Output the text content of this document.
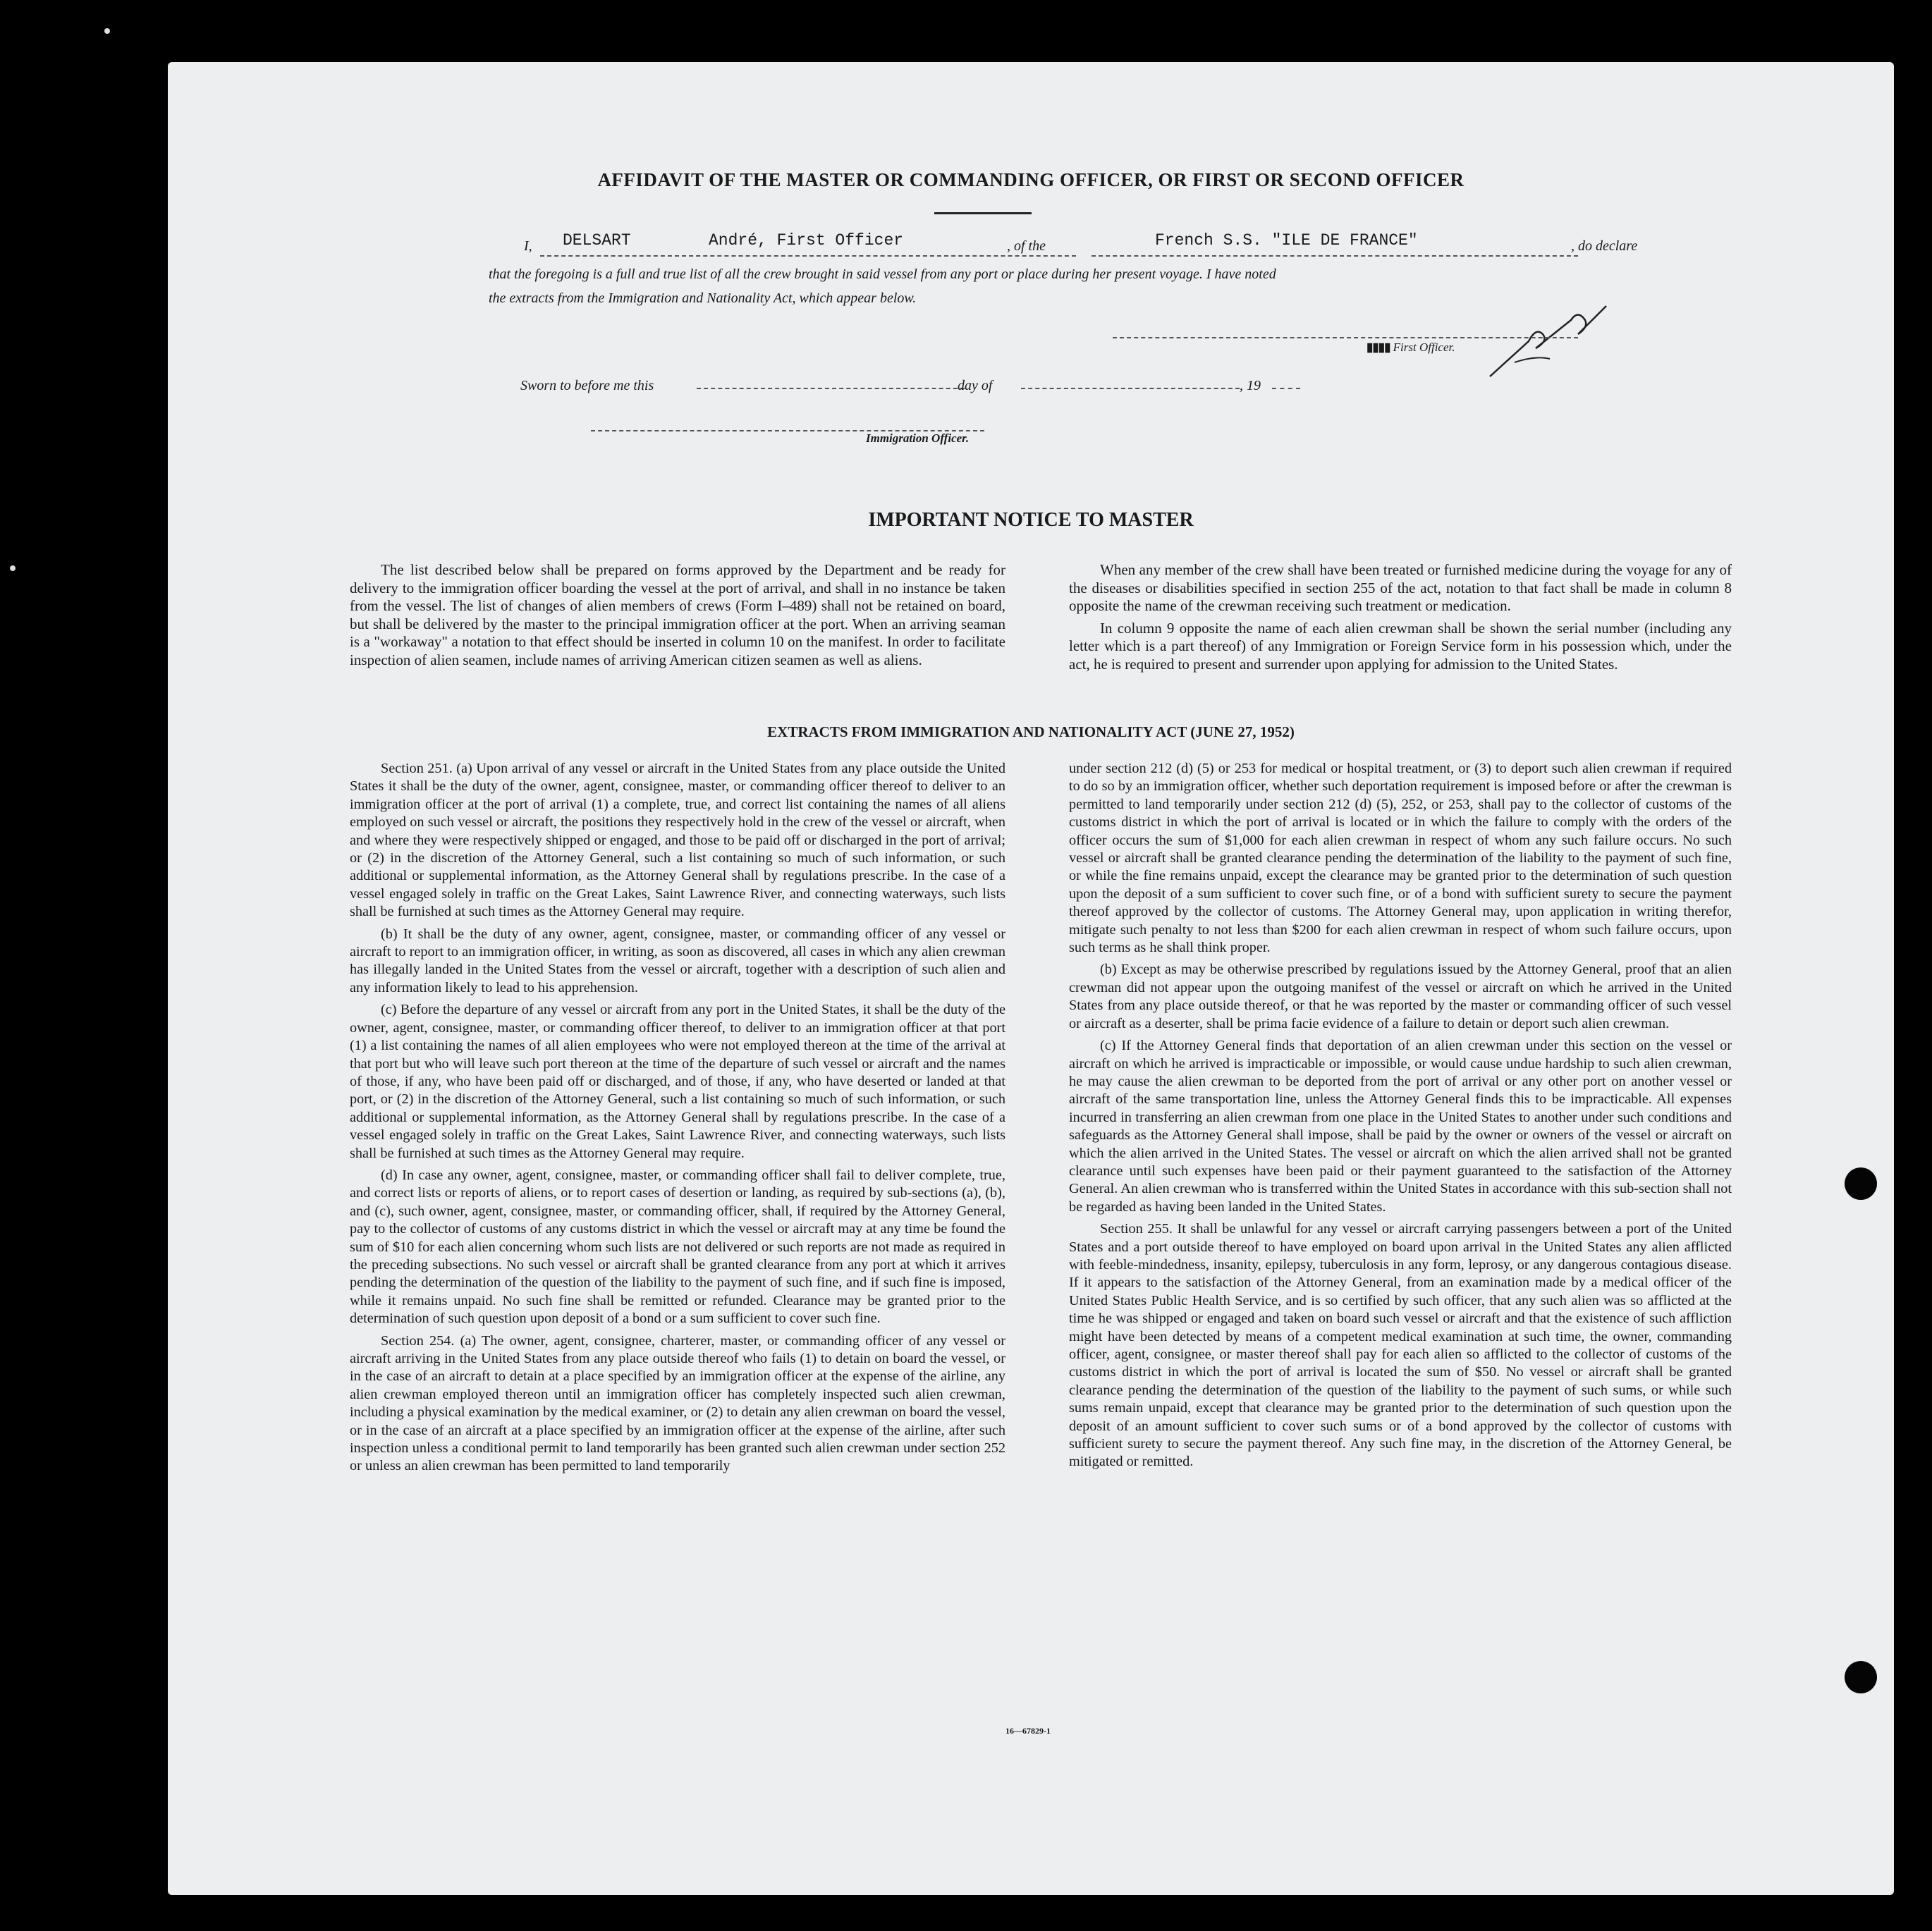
AFFIDAVIT OF THE MASTER OR COMMANDING OFFICER, OR FIRST OR SECOND OFFICER
I, DELSART	André, First Officer	, of the	French S.S. "ILE DE FRANCE"	, do declare
that the foregoing is a full and true list of all the crew brought in said vessel from any port or place during her present voyage. I have noted
the extracts from the Immigration and Nationality Act, which appear below.
▮▮▮▮ First Officer.
Sworn to before me this	day of	, 19
Immigration Officer.
IMPORTANT NOTICE TO MASTER

The list described below shall be prepared on forms approved by the Department and be ready for delivery to the immigration officer boarding the vessel at the port of arrival, and shall in no instance be taken from the vessel. The list of changes of alien members of crews (Form I–489) shall not be retained on board, but shall be delivered by the master to the principal immigration officer at the port. When an arriving seaman is a "workaway" a notation to that effect should be inserted in column 10 on the manifest. In order to facilitate inspection of alien seamen, include names of arriving American citizen seamen as well as aliens.

When any member of the crew shall have been treated or furnished medicine during the voyage for any of the diseases or disabilities specified in section 255 of the act, notation to that fact shall be made in column 8 opposite the name of the crewman receiving such treatment or medication.

In column 9 opposite the name of each alien crewman shall be shown the serial number (including any letter which is a part thereof) of any Immigration or Foreign Service form in his possession which, under the act, he is required to present and surrender upon applying for admission to the United States.

EXTRACTS FROM IMMIGRATION AND NATIONALITY ACT (JUNE 27, 1952)

Section 251. (a) Upon arrival of any vessel or aircraft in the United States from any place outside the United States it shall be the duty of the owner, agent, consignee, master, or commanding officer thereof to deliver to an immigration officer at the port of arrival (1) a complete, true, and correct list containing the names of all aliens employed on such vessel or aircraft, the positions they respectively hold in the crew of the vessel or aircraft, when and where they were respectively shipped or engaged, and those to be paid off or discharged in the port of arrival; or (2) in the discretion of the Attorney General, such a list containing so much of such information, or such additional or supplemental information, as the Attorney General shall by regulations prescribe. In the case of a vessel engaged solely in traffic on the Great Lakes, Saint Lawrence River, and connecting waterways, such lists shall be furnished at such times as the Attorney General may require.

(b) It shall be the duty of any owner, agent, consignee, master, or commanding officer of any vessel or aircraft to report to an immigration officer, in writing, as soon as discovered, all cases in which any alien crewman has illegally landed in the United States from the vessel or aircraft, together with a description of such alien and any information likely to lead to his apprehension.

(c) Before the departure of any vessel or aircraft from any port in the United States, it shall be the duty of the owner, agent, consignee, master, or commanding officer thereof, to deliver to an immigration officer at that port (1) a list containing the names of all alien employees who were not employed thereon at the time of the arrival at that port but who will leave such port thereon at the time of the departure of such vessel or aircraft and the names of those, if any, who have been paid off or discharged, and of those, if any, who have deserted or landed at that port, or (2) in the discretion of the Attorney General, such a list containing so much of such information, or such additional or supplemental information, as the Attorney General shall by regulations prescribe. In the case of a vessel engaged solely in traffic on the Great Lakes, Saint Lawrence River, and connecting waterways, such lists shall be furnished at such times as the Attorney General may require.

(d) In case any owner, agent, consignee, master, or commanding officer shall fail to deliver complete, true, and correct lists or reports of aliens, or to report cases of desertion or landing, as required by sub-sections (a), (b), and (c), such owner, agent, consignee, master, or commanding officer, shall, if required by the Attorney General, pay to the collector of customs of any customs district in which the vessel or aircraft may at any time be found the sum of $10 for each alien concerning whom such lists are not delivered or such reports are not made as required in the preceding subsections. No such vessel or aircraft shall be granted clearance from any port at which it arrives pending the determination of the question of the liability to the payment of such fine, and if such fine is imposed, while it remains unpaid. No such fine shall be remitted or refunded. Clearance may be granted prior to the determination of such question upon deposit of a bond or a sum sufficient to cover such fine.

Section 254. (a) The owner, agent, consignee, charterer, master, or commanding officer of any vessel or aircraft arriving in the United States from any place outside thereof who fails (1) to detain on board the vessel, or in the case of an aircraft to detain at a place specified by an immigration officer at the expense of the airline, any alien crewman employed thereon until an immigration officer has completely inspected such alien crewman, including a physical examination by the medical examiner, or (2) to detain any alien crewman on board the vessel, or in the case of an aircraft at a place specified by an immigration officer at the expense of the airline, after such inspection unless a conditional permit to land temporarily has been granted such alien crewman under section 252 or unless an alien crewman has been permitted to land temporarily

under section 212 (d) (5) or 253 for medical or hospital treatment, or (3) to deport such alien crewman if required to do so by an immigration officer, whether such deportation requirement is imposed before or after the crewman is permitted to land temporarily under section 212 (d) (5), 252, or 253, shall pay to the collector of customs of the customs district in which the port of arrival is located or in which the failure to comply with the orders of the officer occurs the sum of $1,000 for each alien crewman in respect of whom any such failure occurs. No such vessel or aircraft shall be granted clearance pending the determination of the liability to the payment of such fine, or while the fine remains unpaid, except the clearance may be granted prior to the determination of such question upon the deposit of a sum sufficient to cover such fine, or of a bond with sufficient surety to secure the payment thereof approved by the collector of customs. The Attorney General may, upon application in writing therefor, mitigate such penalty to not less than $200 for each alien crewman in respect of whom such failure occurs, upon such terms as he shall think proper.

(b) Except as may be otherwise prescribed by regulations issued by the Attorney General, proof that an alien crewman did not appear upon the outgoing manifest of the vessel or aircraft on which he arrived in the United States from any place outside thereof, or that he was reported by the master or commanding officer of such vessel or aircraft as a deserter, shall be prima facie evidence of a failure to detain or deport such alien crewman.

(c) If the Attorney General finds that deportation of an alien crewman under this section on the vessel or aircraft on which he arrived is impracticable or impossible, or would cause undue hardship to such alien crewman, he may cause the alien crewman to be deported from the port of arrival or any other port on another vessel or aircraft of the same transportation line, unless the Attorney General finds this to be impracticable. All expenses incurred in transferring an alien crewman from one place in the United States to another under such conditions and safeguards as the Attorney General shall impose, shall be paid by the owner or owners of the vessel or aircraft on which the alien arrived in the United States. The vessel or aircraft on which the alien arrived shall not be granted clearance until such expenses have been paid or their payment guaranteed to the satisfaction of the Attorney General. An alien crewman who is transferred within the United States in accordance with this sub-section shall not be regarded as having been landed in the United States.

Section 255. It shall be unlawful for any vessel or aircraft carrying passengers between a port of the United States and a port outside thereof to have employed on board upon arrival in the United States any alien afflicted with feeble-mindedness, insanity, epilepsy, tuberculosis in any form, leprosy, or any dangerous contagious disease. If it appears to the satisfaction of the Attorney General, from an examination made by a medical officer of the United States Public Health Service, and is so certified by such officer, that any such alien was so afflicted at the time he was shipped or engaged and taken on board such vessel or aircraft and that the existence of such affliction might have been detected by means of a competent medical examination at such time, the owner, commanding officer, agent, consignee, or master thereof shall pay for each alien so afflicted to the collector of customs of the customs district in which the port of arrival is located the sum of $50. No vessel or aircraft shall be granted clearance pending the determination of the question of the liability to the payment of such sums, or while such sums remain unpaid, except that clearance may be granted prior to the determination of such question upon the deposit of an amount sufficient to cover such sums or of a bond approved by the collector of customs with sufficient surety to secure the payment thereof. Any such fine may, in the discretion of the Attorney General, be mitigated or remitted.

16—67829-1
